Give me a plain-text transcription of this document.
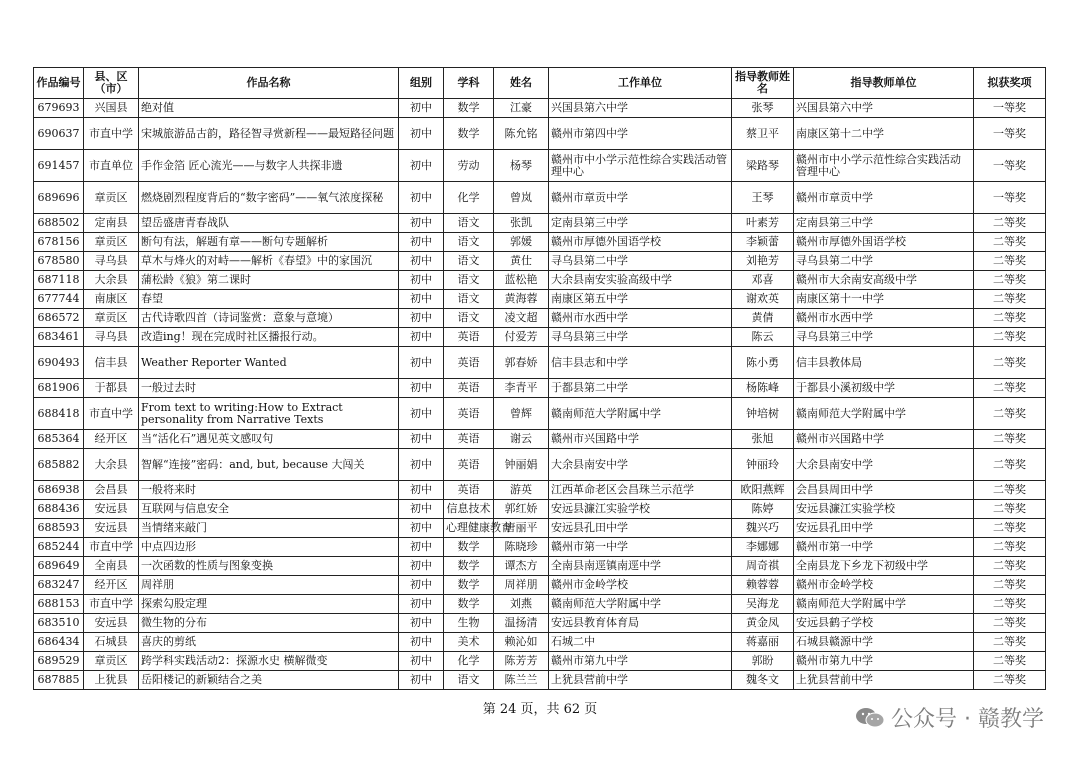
作品编号	县、区（市）	作品名称	组别	学科	姓名	工作单位	指导教师姓名	指导教师单位	拟获奖项
679693	兴国县	绝对值	初中	数学	江豪	兴国县第六中学	张琴	兴国县第六中学	一等奖
690637	市直中学	宋城旅游品古韵，路径智寻赏新程——最短路径问题	初中	数学	陈允铭	赣州市第四中学	蔡卫平	南康区第十二中学	一等奖
691457	市直单位	手作金箔 匠心流光——与数字人共探非遗	初中	劳动	杨琴	赣州市中小学示范性综合实践活动管理中心	梁路琴	赣州市中小学示范性综合实践活动管理中心	一等奖
689696	章贡区	燃烧剧烈程度背后的“数字密码”——氧气浓度探秘	初中	化学	曾岚	赣州市章贡中学	王琴	赣州市章贡中学	一等奖
688502	定南县	望岳盛唐青春战队	初中	语文	张凯	定南县第三中学	叶素芳	定南县第三中学	二等奖
678156	章贡区	断句有法，解题有章——断句专题解析	初中	语文	郭媛	赣州市厚德外国语学校	李颖蕾	赣州市厚德外国语学校	二等奖
678580	寻乌县	草木与烽火的对峙——解析《春望》中的家国沉	初中	语文	黄仕	寻乌县第二中学	刘艳芳	寻乌县第二中学	二等奖
687118	大余县	蒲松龄《狼》第二课时	初中	语文	蓝松艳	大余县南安实验高级中学	邓喜	赣州市大余南安高级中学	二等奖
677744	南康区	春望	初中	语文	黄海蓉	南康区第五中学	谢欢英	南康区第十一中学	二等奖
686572	章贡区	古代诗歌四首（诗词鉴赏：意象与意境）	初中	语文	凌文超	赣州市水西中学	黄倩	赣州市水西中学	二等奖
683461	寻乌县	改造ing！现在完成时社区播报行动。	初中	英语	付爱芳	寻乌县第三中学	陈云	寻乌县第三中学	二等奖
690493	信丰县	Weather Reporter Wanted	初中	英语	郭春娇	信丰县志和中学	陈小勇	信丰县教体局	二等奖
681906	于都县	一般过去时	初中	英语	李青平	于都县第二中学	杨陈峰	于都县小溪初级中学	二等奖
688418	市直中学	From text to writing:How to Extract personality from Narrative Texts	初中	英语	曾辉	赣南师范大学附属中学	钟培树	赣南师范大学附属中学	二等奖
685364	经开区	当“活化石”遇见英文感叹句	初中	英语	谢云	赣州市兴国路中学	张旭	赣州市兴国路中学	二等奖
685882	大余县	智解“连接”密码：and, but, because 大闯关	初中	英语	钟丽娟	大余县南安中学	钟丽玲	大余县南安中学	二等奖
686938	会昌县	一般将来时	初中	英语	游英	江西革命老区会昌珠兰示范学	欧阳燕辉	会昌县周田中学	二等奖
688436	安远县	互联网与信息安全	初中	信息技术	郭红娇	安远县濂江实验学校	陈婷	安远县濂江实验学校	二等奖
688593	安远县	当情绪来敲门	初中	心理健康教育	唐丽平	安远县孔田中学	魏兴巧	安远县孔田中学	二等奖
685244	市直中学	中点四边形	初中	数学	陈晓珍	赣州市第一中学	李娜娜	赣州市第一中学	二等奖
689649	全南县	一次函数的性质与图象变换	初中	数学	谭杰方	全南县南逕镇南逕中学	周奇祺	全南县龙下乡龙下初级中学	二等奖
683247	经开区	周祥朋	初中	数学	周祥朋	赣州市金岭学校	赖蓉蓉	赣州市金岭学校	二等奖
688153	市直中学	探索勾股定理	初中	数学	刘燕	赣南师范大学附属中学	吴海龙	赣南师范大学附属中学	二等奖
683510	安远县	微生物的分布	初中	生物	温扬清	安远县教育体育局	黄金凤	安远县鹤子学校	二等奖
686434	石城县	喜庆的剪纸	初中	美术	赖沁如	石城二中	蒋嘉丽	石城县赣源中学	二等奖
689529	章贡区	跨学科实践活动2：探源水史 横解微变	初中	化学	陈芳芳	赣州市第九中学	郭盼	赣州市第九中学	二等奖
687885	上犹县	岳阳楼记的新颖结合之美	初中	语文	陈兰兰	上犹县营前中学	魏冬文	上犹县营前中学	二等奖
第 24 页，共 62 页	公众号 · 赣教学
